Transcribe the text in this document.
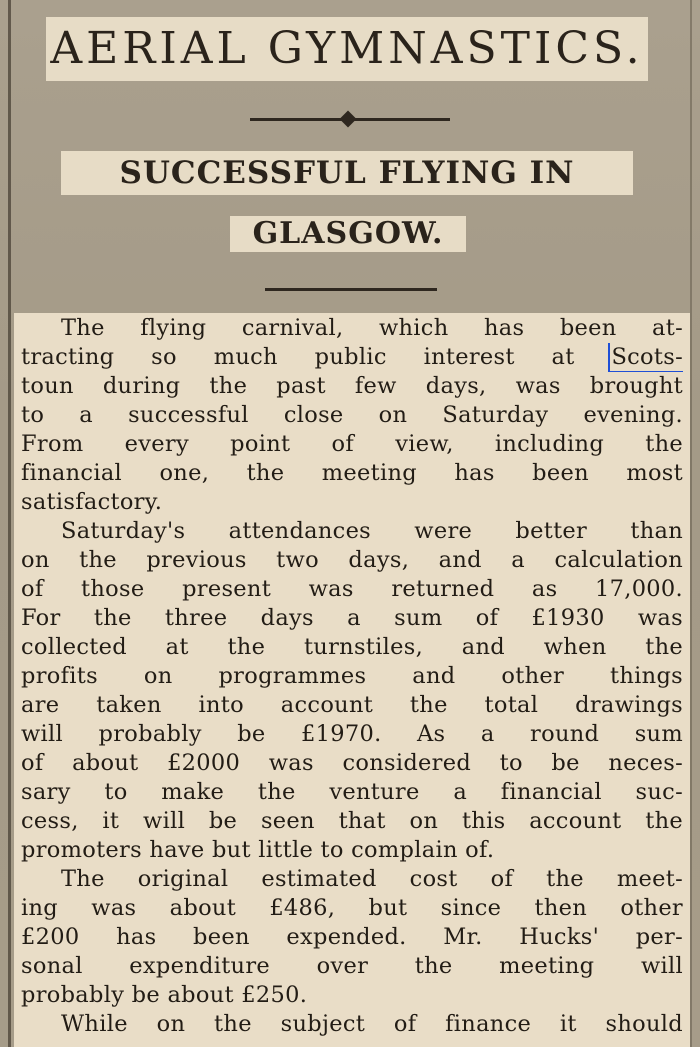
AERIAL GYMNASTICS.
SUCCESSFUL FLYING IN
GLASGOW.
The flying carnival, which has been at-
tracting so much public interest at Scots-
toun during the past few days, was brought
to a successful close on Saturday evening.
From every point of view, including the
financial one, the meeting has been most
satisfactory.
Saturday's attendances were better than
on the previous two days, and a calculation
of those present was returned as 17,000.
For the three days a sum of £1930 was
collected at the turnstiles, and when the
profits on programmes and other things
are taken into account the total drawings
will probably be £1970. As a round sum
of about £2000 was considered to be neces-
sary to make the venture a financial suc-
cess, it will be seen that on this account the
promoters have but little to complain of.
The original estimated cost of the meet-
ing was about £486, but since then other
£200 has been expended. Mr. Hucks' per-
sonal expenditure over the meeting will
probably be about £250.
While on the subject of finance it should
